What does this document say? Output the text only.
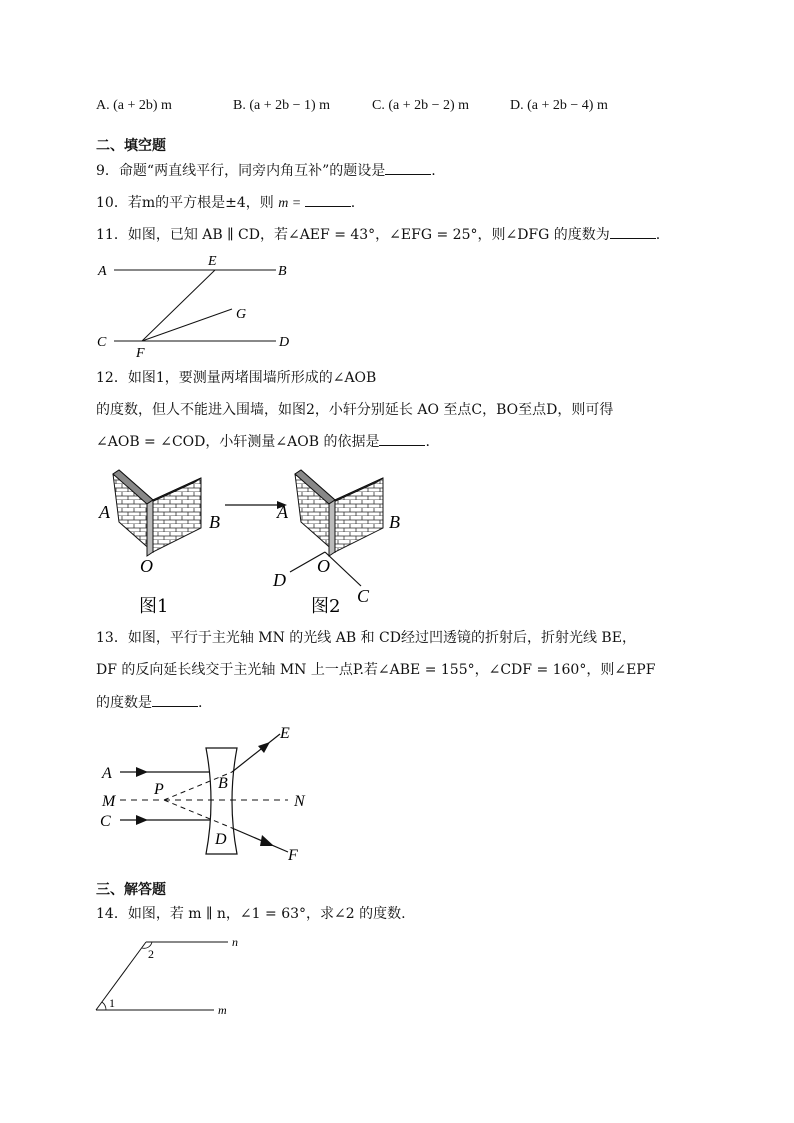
A. (a + 2b) m	B. (a + 2b − 1) m	C. (a + 2b − 2) m	D. (a + 2b − 4) m
二、填空题
9．命题“两直线平行，同旁内角互补”的题设是	.
10．若m的平方根是±4，则 m =	.
11．如图，已知 AB ∥ CD，若∠AEF = 43°，∠EFG = 25°，则∠DFG 的度数为	.
A	B
E
G
C	D
F
12．如图1，要测量两堵围墙所形成的∠AOB
的度数，但人不能进入围墙，如图2，小轩分别延长 AO 至点C，BO至点D，则可得
∠AOB = ∠COD，小轩测量∠AOB 的依据是	.
A	B
O
图1
A	B
O
D
C
图2
13．如图，平行于主光轴 MN 的光线 AB 和 CD经过凹透镜的折射后，折射光线 BE，
DF 的反向延长线交于主光轴 MN 上一点P.若∠ABE = 155°，∠CDF = 160°，则∠EPF
的度数是	.
A
M
C
P	B
D
E
N
F
三、解答题
14．如图，若 m ∥ n，∠1 = 63°，求∠2 的度数.
n
m
1
2
